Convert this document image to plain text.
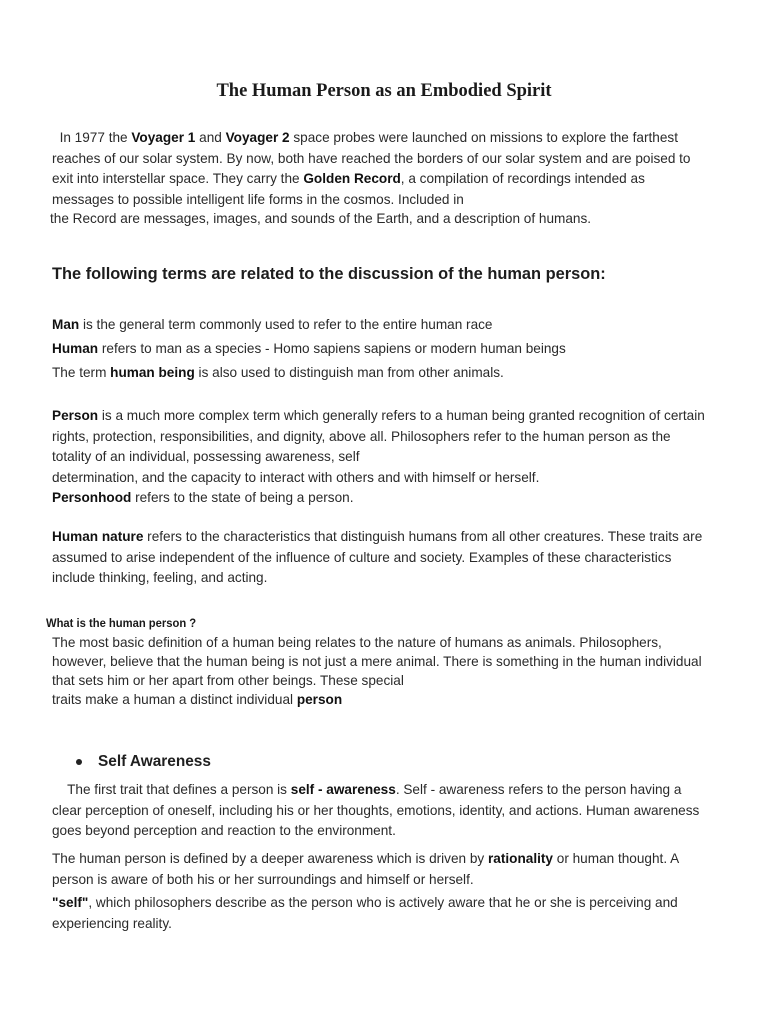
The Human Person as an Embodied Spirit

In 1977 the Voyager 1 and Voyager 2 space probes were launched on missions to explore the farthest
reaches of our solar system. By now, both have reached the borders of our solar system and are poised to
exit into interstellar space. They carry the Golden Record, a compilation of recordings intended as
messages to possible intelligent life forms in the cosmos. Included in
the Record are messages, images, and sounds of the Earth, and a description of humans.

The following terms are related to the discussion of the human person:

Man is the general term commonly used to refer to the entire human race
Human refers to man as a species - Homo sapiens sapiens or modern human beings
The term human being is also used to distinguish man from other animals.

Person is a much more complex term which generally refers to a human being granted recognition of certain
rights, protection, responsibilities, and dignity, above all. Philosophers refer to the human person as the
totality of an individual, possessing awareness, self
determination, and the capacity to interact with others and with himself or herself.
Personhood refers to the state of being a person.

Human nature refers to the characteristics that distinguish humans from all other creatures. These traits are
assumed to arise independent of the influence of culture and society. Examples of these characteristics
include thinking, feeling, and acting.

What is the human person ?

The most basic definition of a human being relates to the nature of humans as animals. Philosophers,
however, believe that the human being is not just a mere animal. There is something in the human individual
that sets him or her apart from other beings. These special
traits make a human a distinct individual person

Self Awareness

The first trait that defines a person is self - awareness. Self - awareness refers to the person having a
clear perception of oneself, including his or her thoughts, emotions, identity, and actions. Human awareness
goes beyond perception and reaction to the environment.

The human person is defined by a deeper awareness which is driven by rationality or human thought. A
person is aware of both his or her surroundings and himself or herself.

"self", which philosophers describe as the person who is actively aware that he or she is perceiving and
experiencing reality.
